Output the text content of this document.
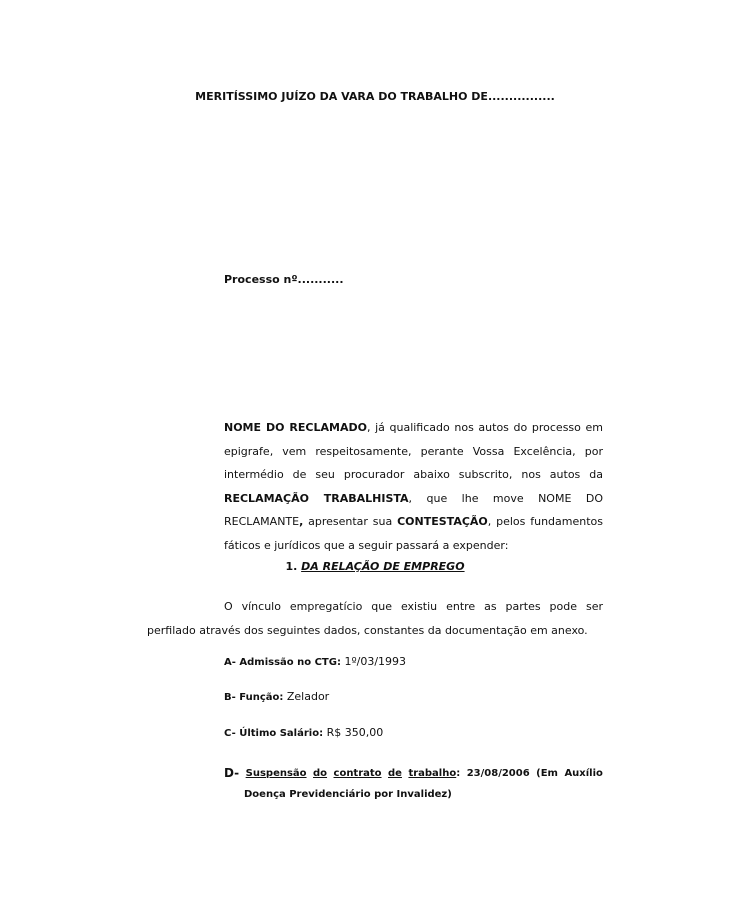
MERITÍSSIMO JUÍZO DA VARA DO TRABALHO DE................
Processo nº...........
NOME DO RECLAMADO, já qualificado nos autos do processo em epigrafe, vem respeitosamente, perante Vossa Excelência, por intermédio de seu procurador abaixo subscrito, nos autos da RECLAMAÇÃO TRABALHISTA, que lhe move NOME DO RECLAMANTE, apresentar sua CONTESTAÇÃO, pelos fundamentos fáticos e jurídicos que a seguir passará a expender:
1. DA RELAÇÃO DE EMPREGO
O vínculo empregatício que existiu entre as partes pode ser perfilado através dos seguintes dados, constantes da documentação em anexo.
A- Admissão no CTG: 1º/03/1993
B- Função: Zelador
C- Último Salário: R$ 350,00
D- Suspensão do contrato de trabalho: 23/08/2006 (Em Auxílio
Doença Previdenciário por Invalidez)
